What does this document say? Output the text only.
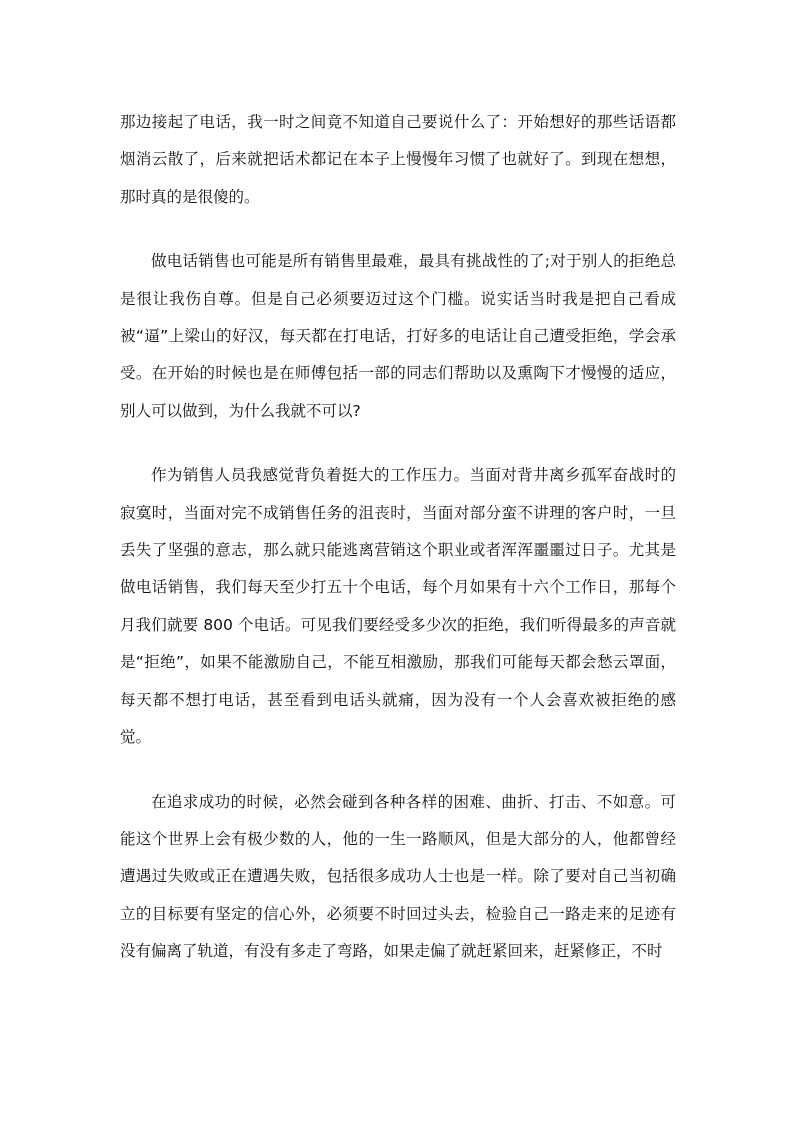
那边接起了电话，我一时之间竟不知道自己要说什么了：开始想好的那些话语都烟消云散了，后来就把话术都记在本子上慢慢年习惯了也就好了。到现在想想，那时真的是很傻的。

做电话销售也可能是所有销售里最难，最具有挑战性的了;对于别人的拒绝总是很让我伤自尊。但是自己必须要迈过这个门槛。说实话当时我是把自己看成被“逼”上梁山的好汉，每天都在打电话，打好多的电话让自己遭受拒绝，学会承受。在开始的时候也是在师傅包括一部的同志们帮助以及熏陶下才慢慢的适应，别人可以做到，为什么我就不可以?

作为销售人员我感觉背负着挺大的工作压力。当面对背井离乡孤军奋战时的寂寞时，当面对完不成销售任务的沮丧时，当面对部分蛮不讲理的客户时，一旦丢失了坚强的意志，那么就只能逃离营销这个职业或者浑浑噩噩过日子。尤其是做电话销售，我们每天至少打五十个电话，每个月如果有十六个工作日，那每个月我们就要 800 个电话。可见我们要经受多少次的拒绝，我们听得最多的声音就是“拒绝”，如果不能激励自己，不能互相激励，那我们可能每天都会愁云罩面，每天都不想打电话，甚至看到电话头就痛，因为没有一个人会喜欢被拒绝的感觉。

在追求成功的时候，必然会碰到各种各样的困难、曲折、打击、不如意。可能这个世界上会有极少数的人，他的一生一路顺风，但是大部分的人，他都曾经遭遇过失败或正在遭遇失败，包括很多成功人士也是一样。除了要对自己当初确立的目标要有坚定的信心外，必须要不时回过头去，检验自己一路走来的足迹有没有偏离了轨道，有没有多走了弯路，如果走偏了就赶紧回来，赶紧修正，不时
